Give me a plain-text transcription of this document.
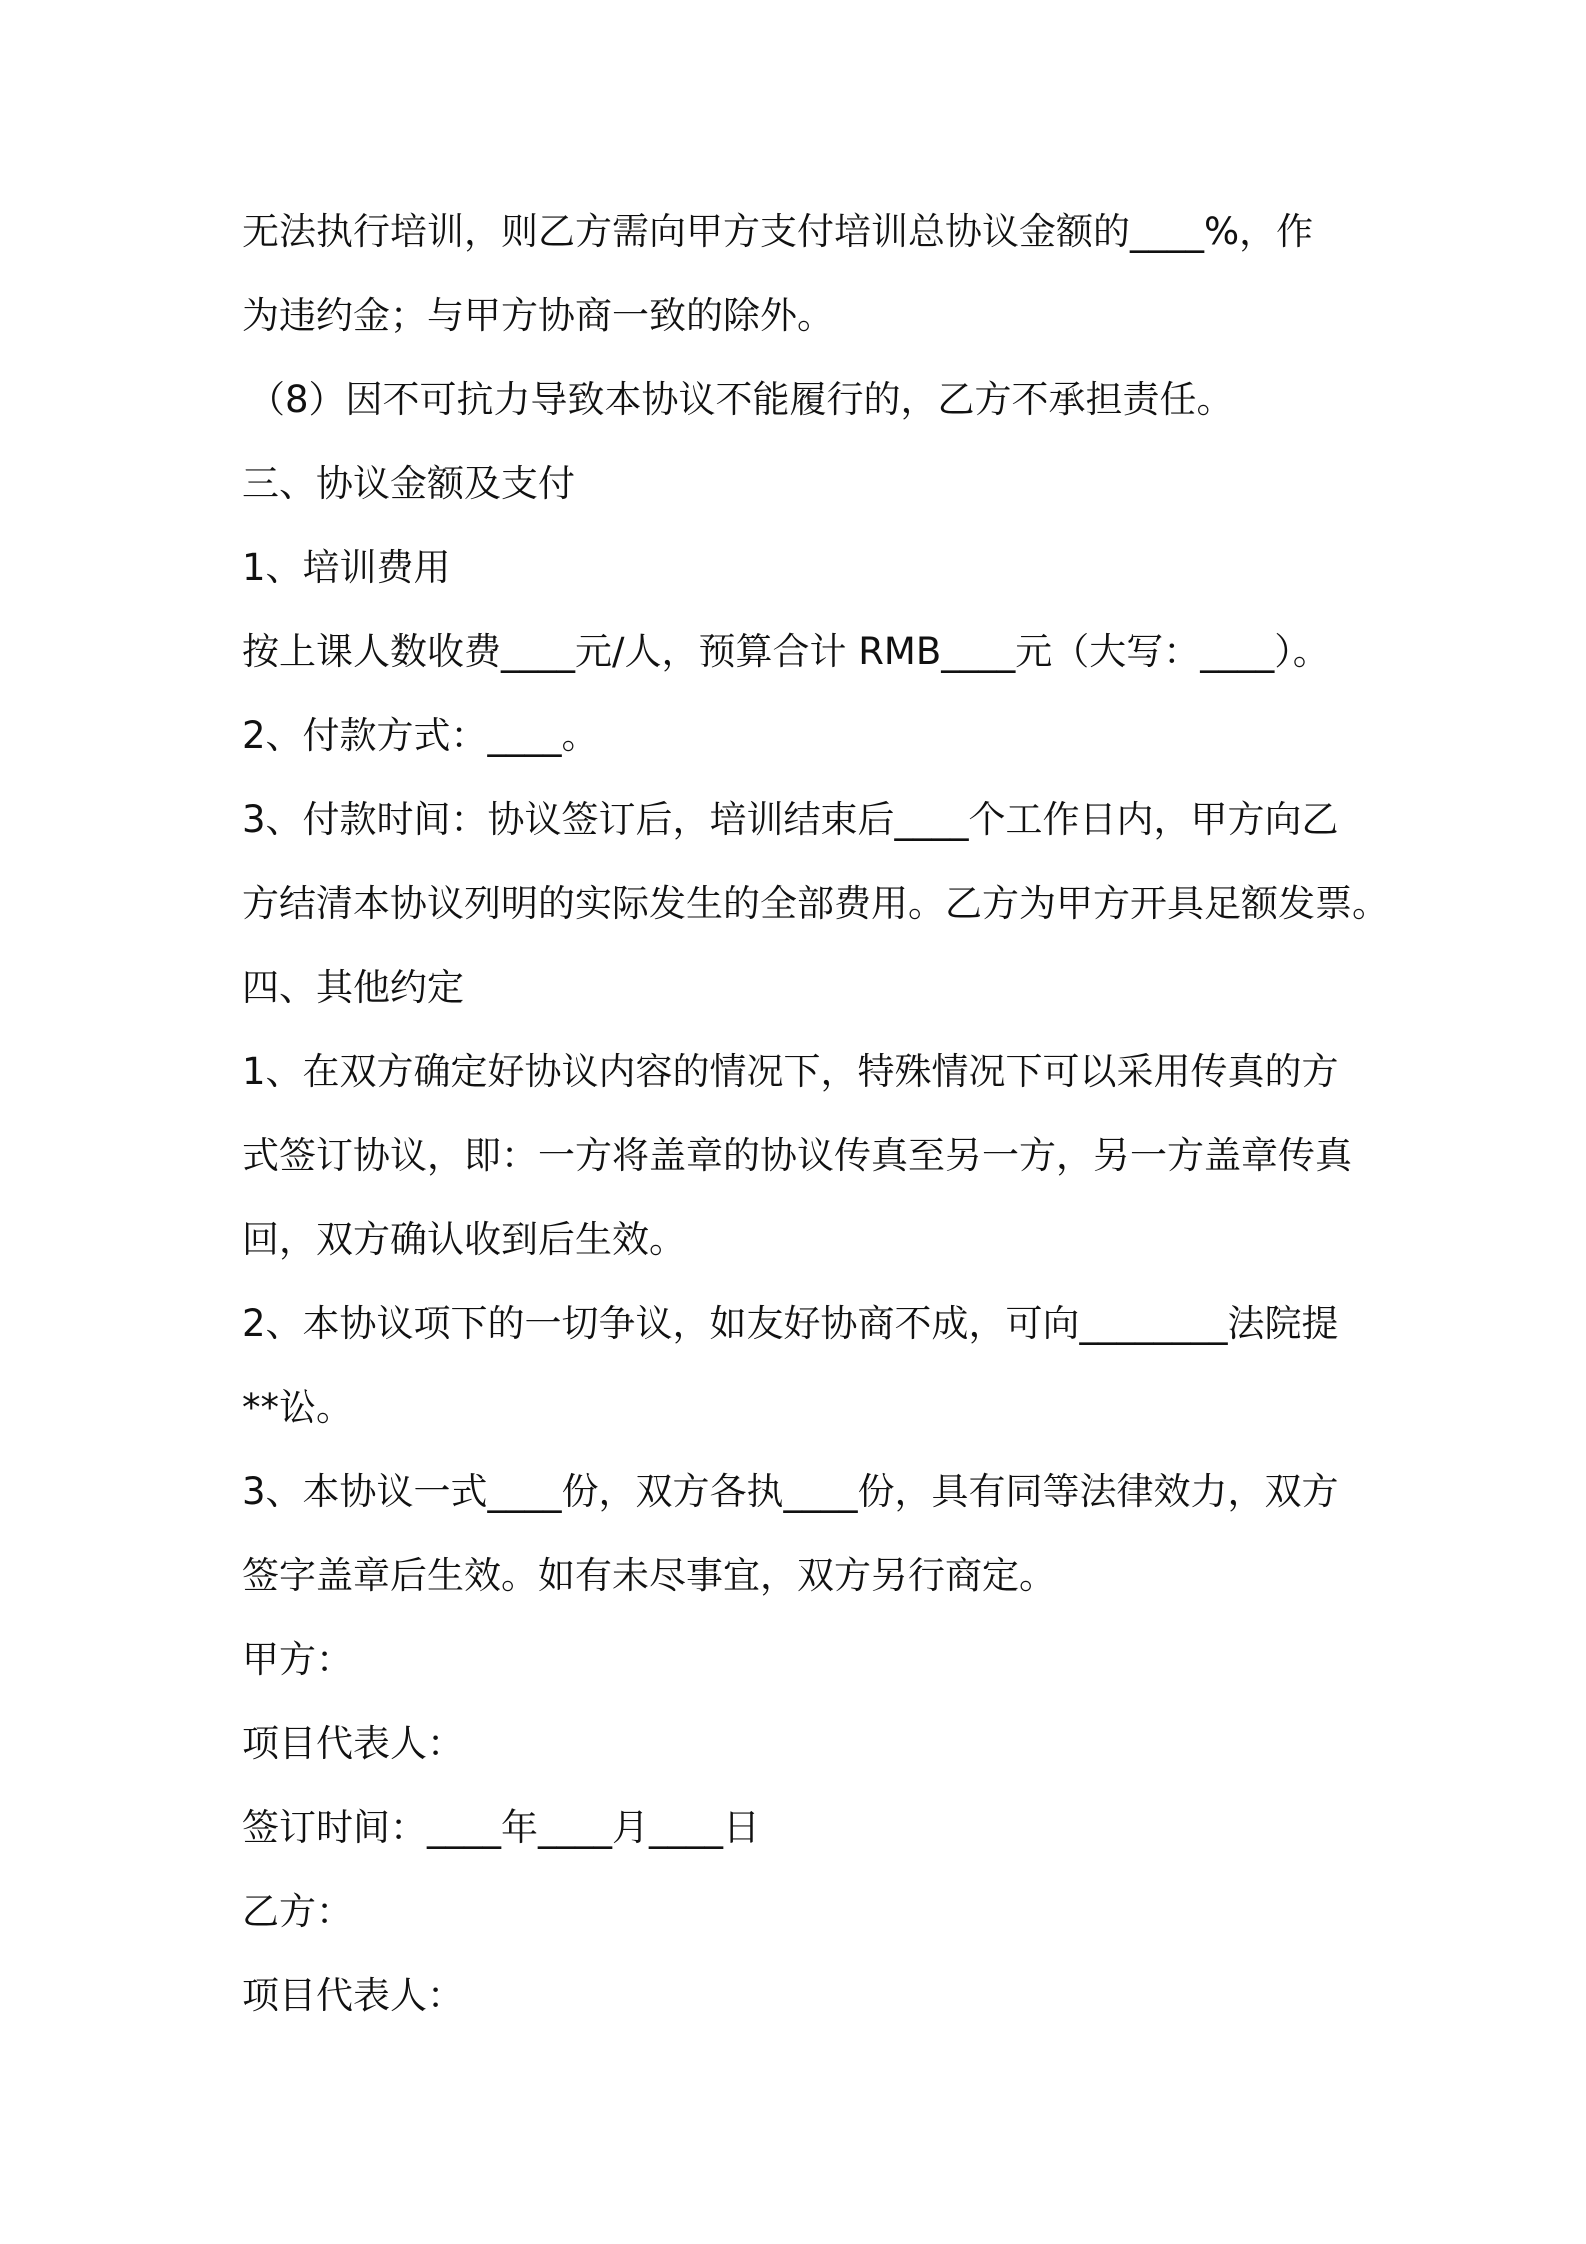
无法执行培训，则乙方需向甲方支付培训总协议金额的____%，作
为违约金；与甲方协商一致的除外。
（8）因不可抗力导致本协议不能履行的，乙方不承担责任。
三、协议金额及支付
1、培训费用
按上课人数收费____元/人，预算合计 RMB____元（大写：____）。
2、付款方式：____。
3、付款时间：协议签订后，培训结束后____个工作日内，甲方向乙
方结清本协议列明的实际发生的全部费用。乙方为甲方开具足额发票。
四、其他约定
1、在双方确定好协议内容的情况下，特殊情况下可以采用传真的方
式签订协议，即：一方将盖章的协议传真至另一方，另一方盖章传真
回，双方确认收到后生效。
2、本协议项下的一切争议，如友好协商不成，可向________法院提
**讼。
3、本协议一式____份，双方各执____份，具有同等法律效力，双方
签字盖章后生效。如有未尽事宜，双方另行商定。
甲方：
项目代表人：
签订时间：____年____月____日
乙方：
项目代表人：
